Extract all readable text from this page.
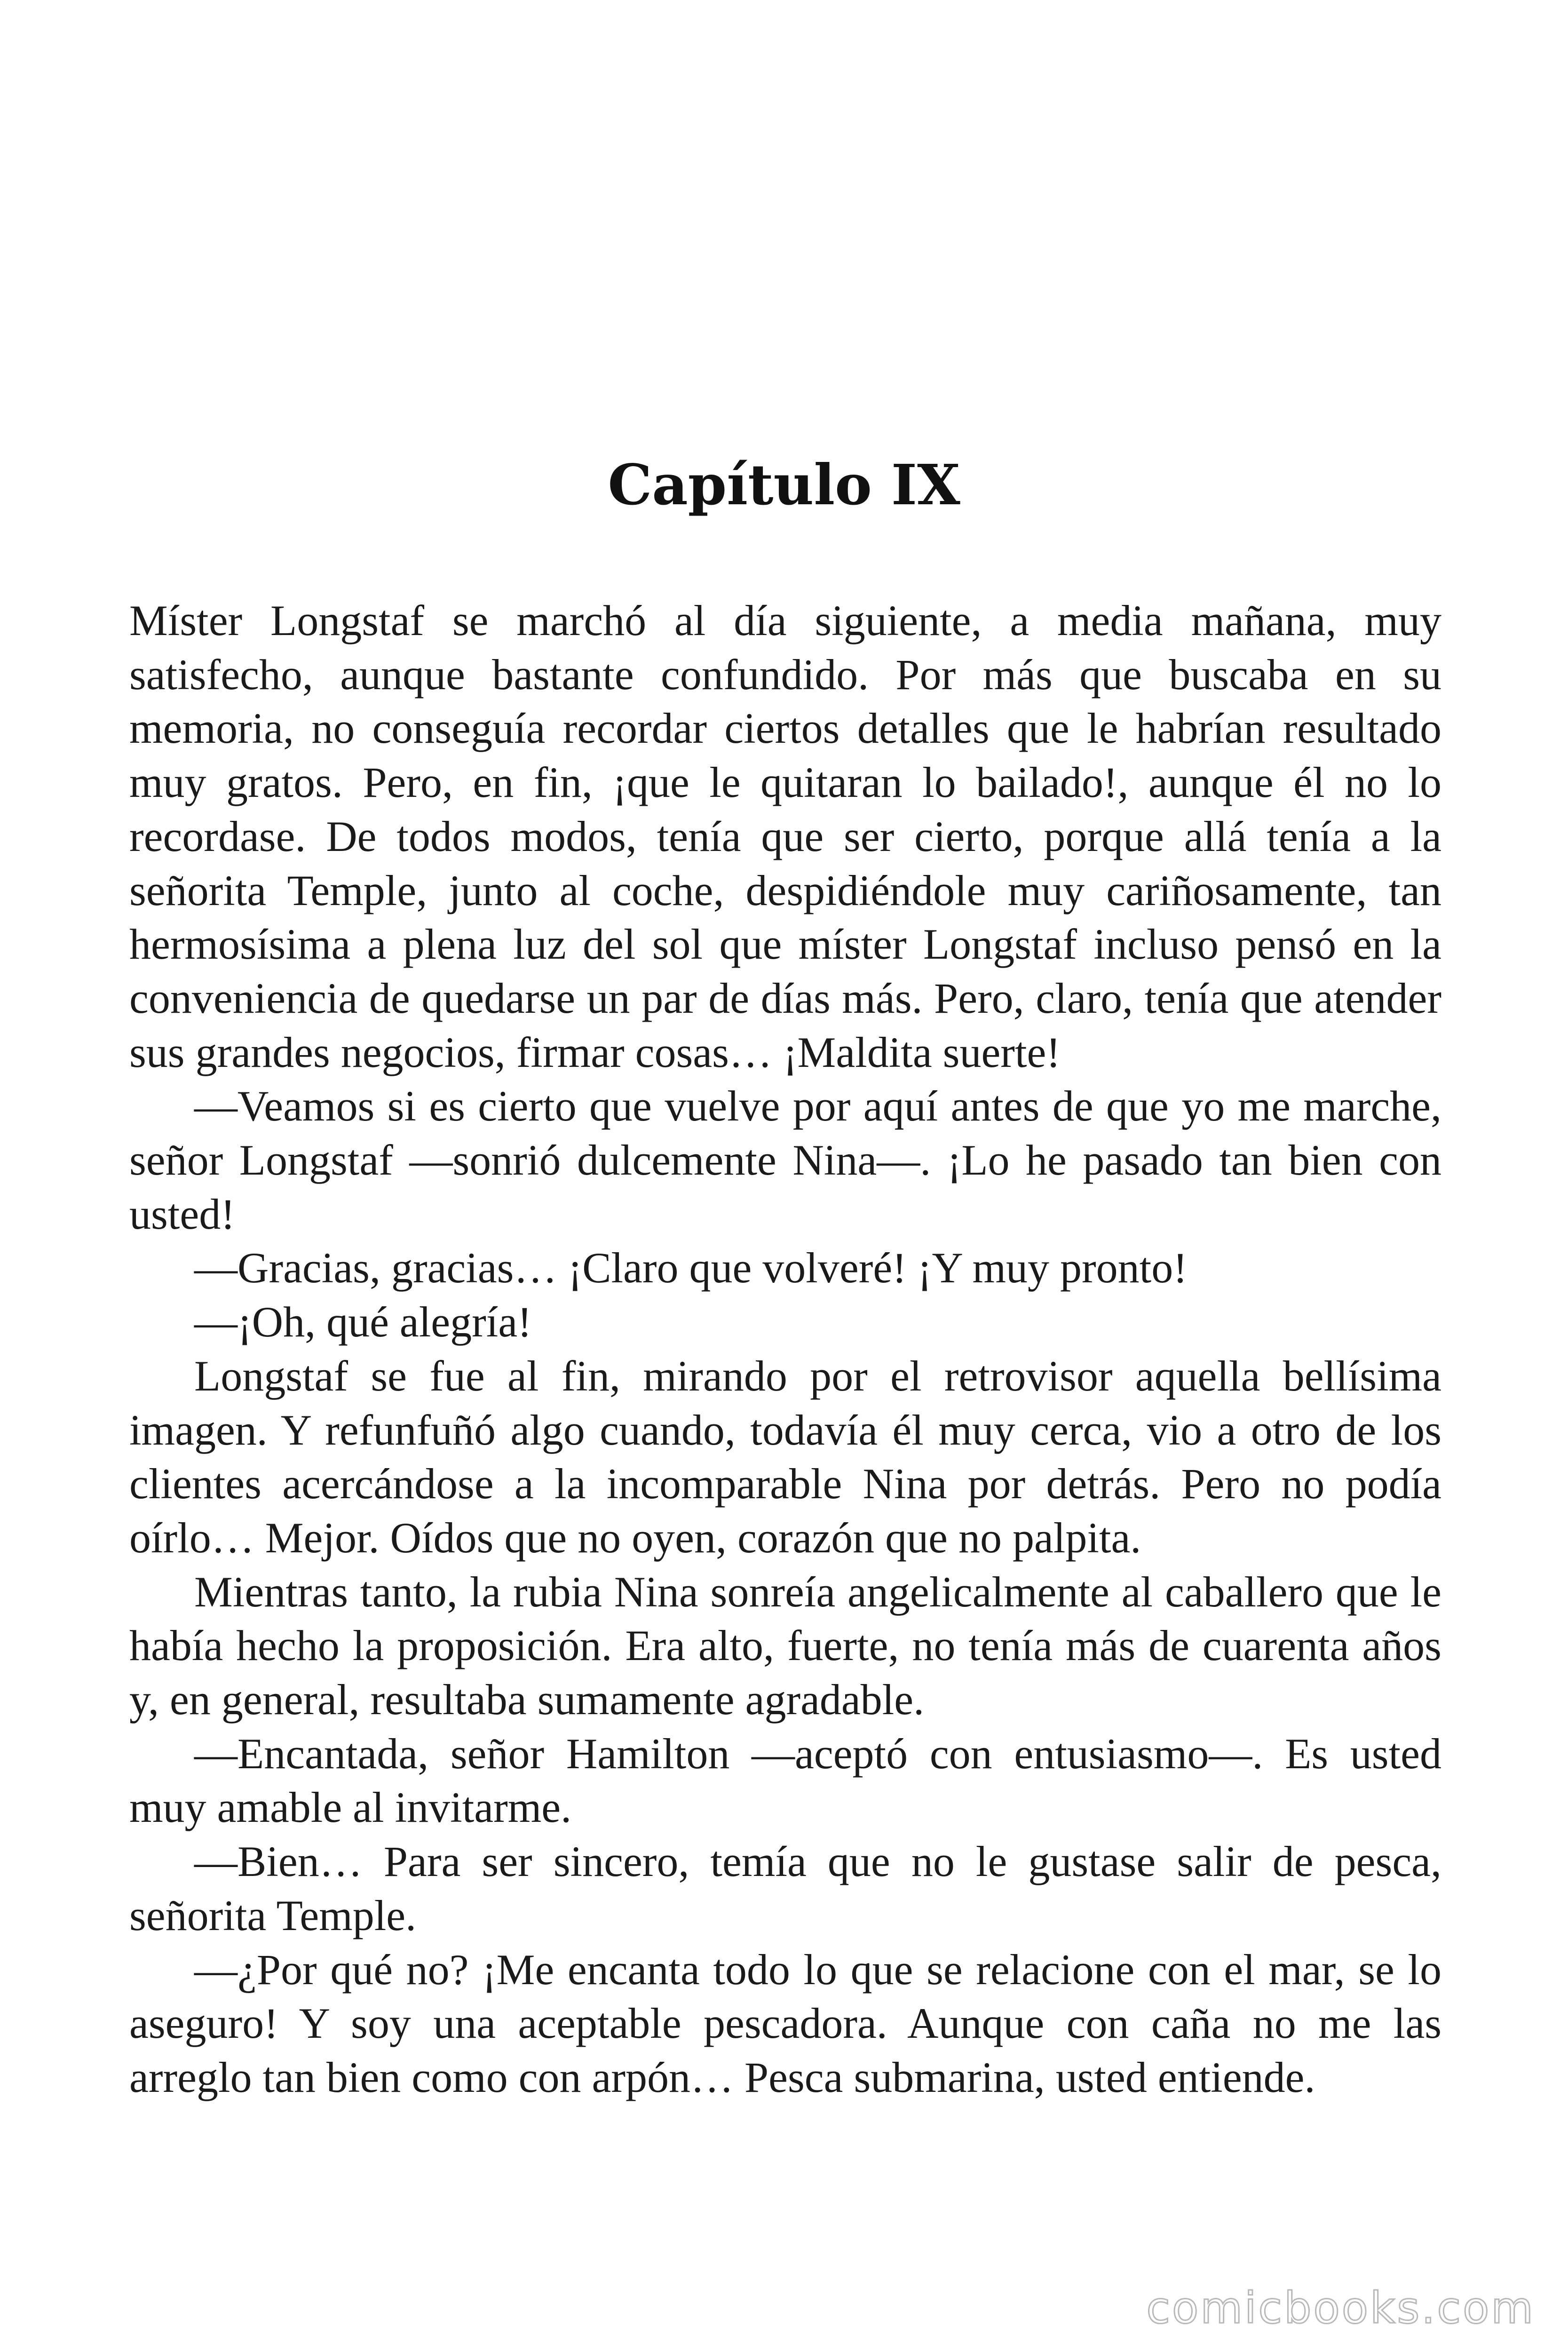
Capítulo IX

Míster Longstaf se marchó al día siguiente, a media mañana, muy satisfecho, aunque bastante confundido. Por más que buscaba en su memoria, no conseguía recordar ciertos detalles que le habrían resultado muy gratos. Pero, en fin, ¡que le quitaran lo bailado!, aunque él no lo recordase. De todos modos, tenía que ser cierto, porque allá tenía a la señorita Temple, junto al coche, despidiéndole muy cariñosamente, tan hermosísima a plena luz del sol que míster Longstaf incluso pensó en la conveniencia de quedarse un par de días más. Pero, claro, tenía que atender sus grandes negocios, firmar cosas… ¡Maldita suerte!

—Veamos si es cierto que vuelve por aquí antes de que yo me marche, señor Longstaf —sonrió dulcemente Nina—. ¡Lo he pasado tan bien con usted!

—Gracias, gracias… ¡Claro que volveré! ¡Y muy pronto!

—¡Oh, qué alegría!

Longstaf se fue al fin, mirando por el retrovisor aquella bellísima imagen. Y refunfuñó algo cuando, todavía él muy cerca, vio a otro de los clientes acercándose a la incomparable Nina por detrás. Pero no podía oírlo… Mejor. Oídos que no oyen, corazón que no palpita.

Mientras tanto, la rubia Nina sonreía angelicalmente al caballero que le había hecho la proposición. Era alto, fuerte, no tenía más de cuarenta años y, en general, resultaba sumamente agradable.

—Encantada, señor Hamilton —aceptó con entusiasmo—. Es usted muy amable al invitarme.

—Bien… Para ser sincero, temía que no le gustase salir de pesca, señorita Temple.

—¿Por qué no? ¡Me encanta todo lo que se relacione con el mar, se lo aseguro! Y soy una aceptable pescadora. Aunque con caña no me las arreglo tan bien como con arpón… Pesca submarina, usted entiende.

comicbooks.com
